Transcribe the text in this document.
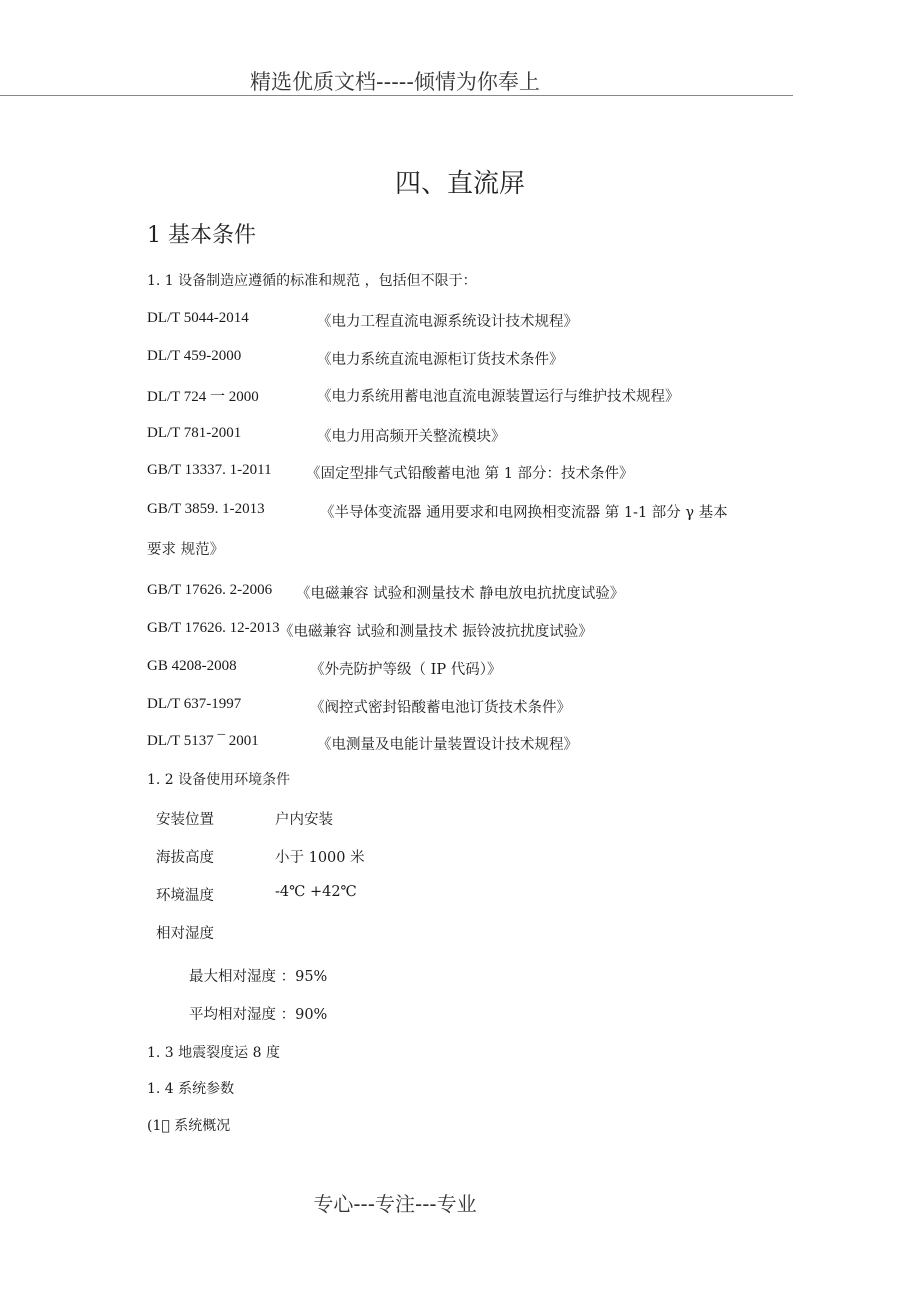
精选优质文档-----倾情为你奉上
四、直流屏
1 基本条件
1. 1 设备制造应遵循的标准和规范 ，包括但不限于：
DL/T 5044-2014	《电力工程直流电源系统设计技术规程》
DL/T 459-2000	《电力系统直流电源柜订货技术条件》
DL/T 724 一 2000	《电力系统用蓄电池直流电源装置运行与维护技术规程》
DL/T 781-2001	《电力用高频开关整流模块》
GB/T 13337. 1-2011 《固定型排气式铅酸蓄电池 第 1 部分：技术条件》
GB/T 3859. 1-2013	《半导体变流器 通用要求和电网换相变流器 第 1-1 部分 γ 基本
要求 规范》
GB/T 17626. 2-2006 《电磁兼容 试验和测量技术 静电放电抗扰度试验》
GB/T 17626. 12-2013 《电磁兼容 试验和测量技术 振铃波抗扰度试验》
GB 4208-2008	《外壳防护等级（ IP 代码）》
DL/T 637-1997	《阀控式密封铅酸蓄电池订货技术条件》
DL/T 5137 ¯ 2001	《电测量及电能计量装置设计技术规程》
1. 2 设备使用环境条件
安装位置	户内安装
海拔高度	小于 1000 米
环境温度	-4℃ +42℃
相对湿度
最大相对湿度 ：95%
平均相对湿度 ：90%
1. 3 地震裂度运 8 度
1. 4 系统参数
(1⃒ 系统概况
专心---专注---专业
